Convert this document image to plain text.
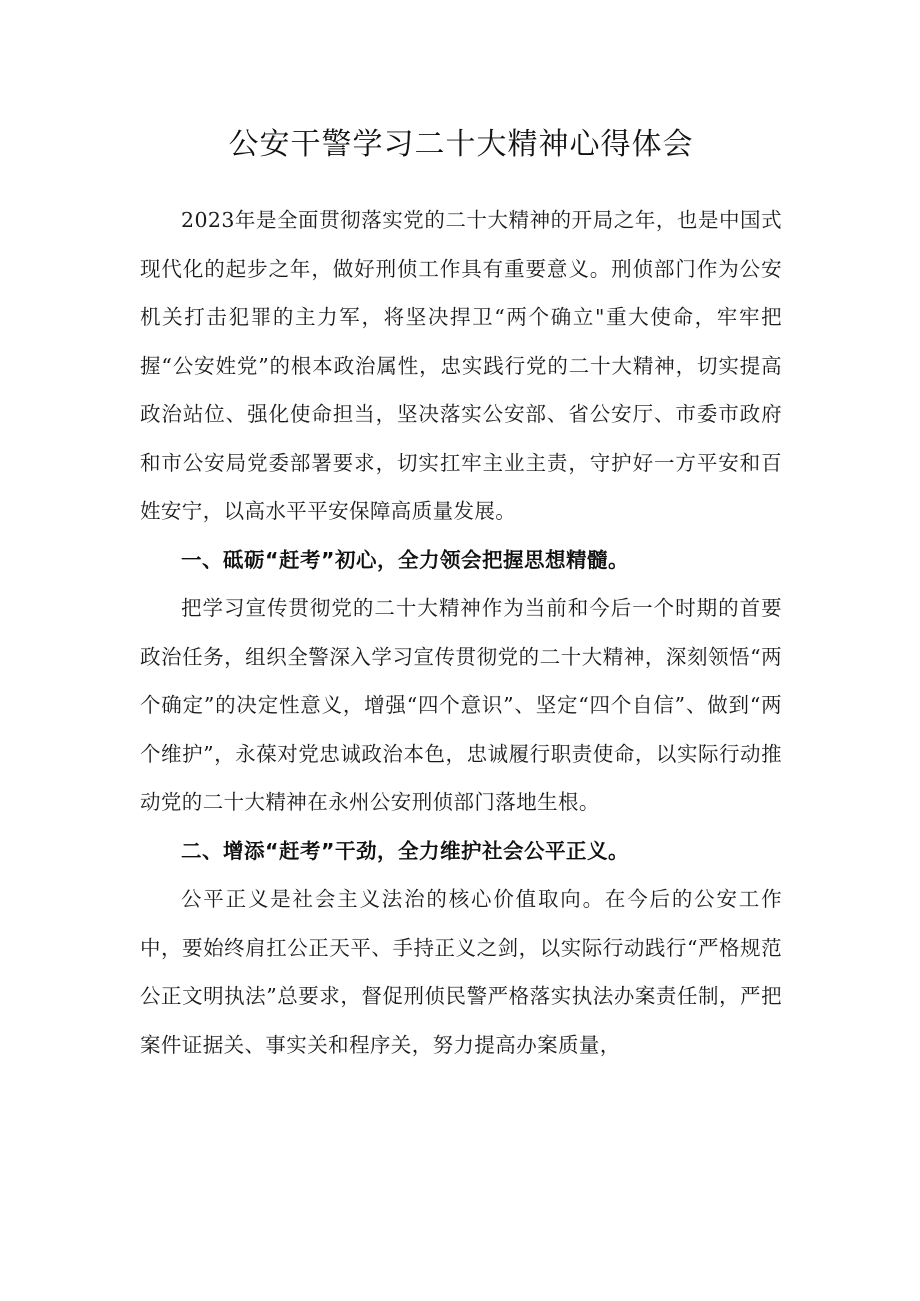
公安干警学习二十大精神心得体会

2023年是全面贯彻落实党的二十大精神的开局之年，也是中国式现代化的起步之年，做好刑侦工作具有重要意义。刑侦部门作为公安机关打击犯罪的主力军，将坚决捍卫“两个确立"重大使命，牢牢把握“公安姓党”的根本政治属性，忠实践行党的二十大精神，切实提高政治站位、强化使命担当，坚决落实公安部、省公安厅、市委市政府和市公安局党委部署要求，切实扛牢主业主责，守护好一方平安和百姓安宁，以高水平平安保障高质量发展。

一、砥砺“赶考”初心，全力领会把握思想精髓。

把学习宣传贯彻党的二十大精神作为当前和今后一个时期的首要政治任务，组织全警深入学习宣传贯彻党的二十大精神，深刻领悟“两个确定”的决定性意义，增强“四个意识”、坚定“四个自信”、做到“两个维护”，永葆对党忠诚政治本色，忠诚履行职责使命，以实际行动推动党的二十大精神在永州公安刑侦部门落地生根。

二、增添“赶考”干劲，全力维护社会公平正义。

公平正义是社会主义法治的核心价值取向。在今后的公安工作中，要始终肩扛公正天平、手持正义之剑，以实际行动践行“严格规范公正文明执法”总要求，督促刑侦民警严格落实执法办案责任制，严把案件证据关、事实关和程序关，努力提高办案质量，
